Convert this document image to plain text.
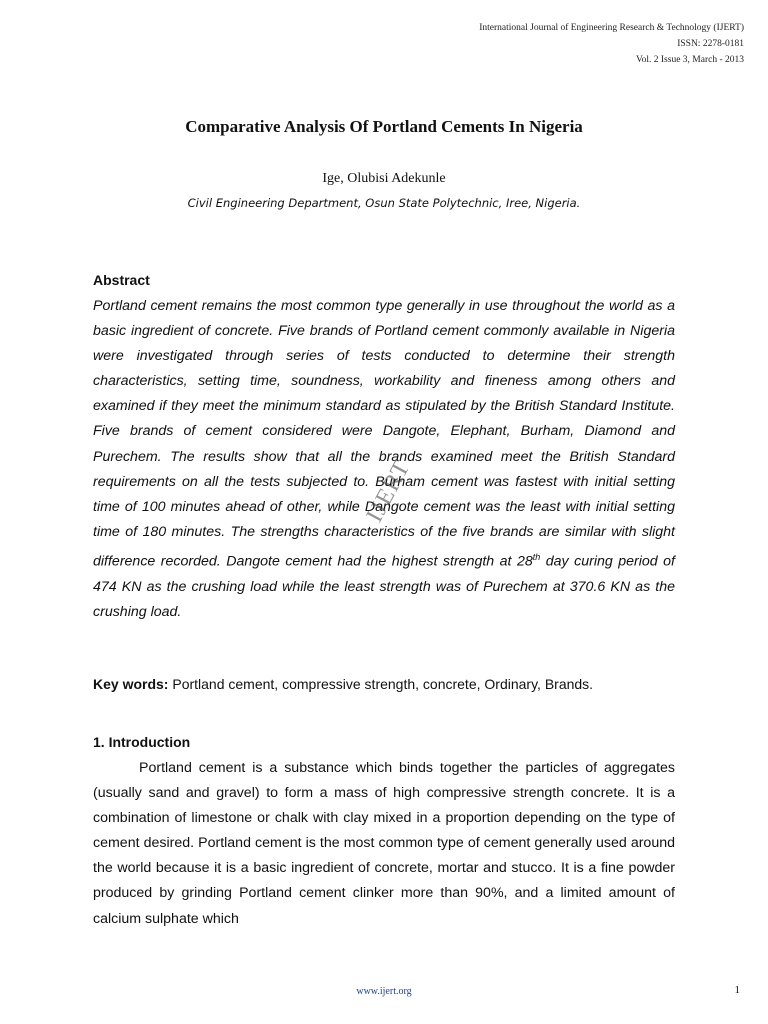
International Journal of Engineering Research & Technology (IJERT)
ISSN: 2278-0181
Vol. 2 Issue 3, March - 2013
Comparative Analysis Of Portland Cements In Nigeria
Ige, Olubisi Adekunle
Civil Engineering Department, Osun State Polytechnic, Iree, Nigeria.
Abstract

Portland cement remains the most common type generally in use throughout the world as a basic ingredient of concrete. Five brands of Portland cement commonly available in Nigeria were investigated through series of tests conducted to determine their strength characteristics, setting time, soundness, workability and fineness among others and examined if they meet the minimum standard as stipulated by the British Standard Institute. Five brands of cement considered were Dangote, Elephant, Burham, Diamond and Purechem. The results show that all the brands examined meet the British Standard requirements on all the tests subjected to. Burham cement was fastest with initial setting time of 100 minutes ahead of other, while Dangote cement was the least with initial setting time of 180 minutes. The strengths characteristics of the five brands are similar with slight difference recorded. Dangote cement had the highest strength at 28th day curing period of 474 KN as the crushing load while the least strength was of Purechem at 370.6 KN as the crushing load.

Key words: Portland cement, compressive strength, concrete, Ordinary, Brands.

1. Introduction

Portland cement is a substance which binds together the particles of aggregates (usually sand and gravel) to form a mass of high compressive strength concrete. It is a combination of limestone or chalk with clay mixed in a proportion depending on the type of cement desired. Portland cement is the most common type of cement generally used around the world because it is a basic ingredient of concrete, mortar and stucco. It is a fine powder produced by grinding Portland cement clinker more than 90%, and a limited amount of calcium sulphate which

IJERT
www.ijert.org	1
